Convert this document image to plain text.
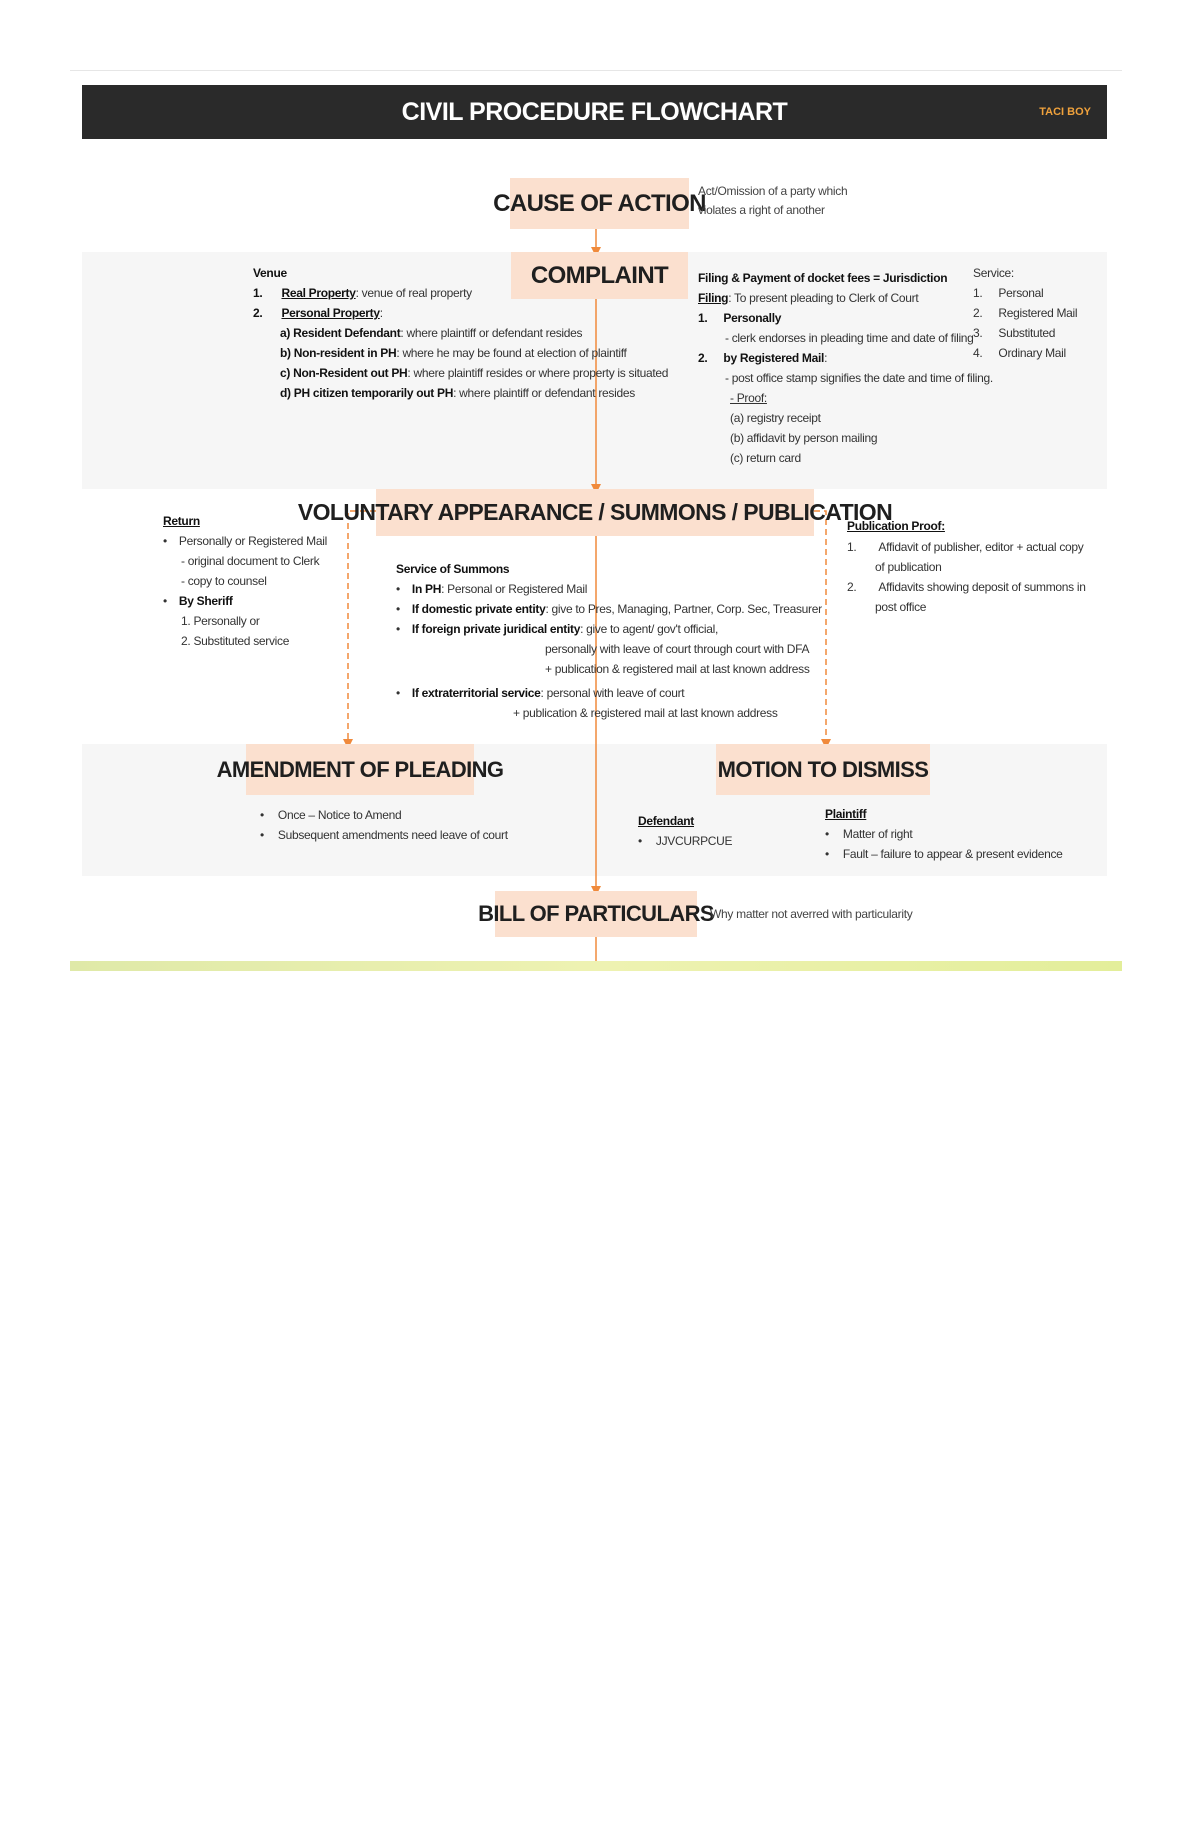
CIVIL PROCEDURE FLOWCHART	TACI BOY
CAUSE OF ACTION
Act/Omission of a party which
violates a right of another
COMPLAINT
Venue
1. Real Property: venue of real property
2. Personal Property:
a) Resident Defendant: where plaintiff or defendant resides
b) Non-resident in PH: where he may be found at election of plaintiff
c) Non-Resident out PH: where plaintiff resides or where property is situated
d) PH citizen temporarily out PH: where plaintiff or defendant resides
Filing & Payment of docket fees = Jurisdiction
Filing: To present pleading to Clerk of Court
1. Personally
- clerk endorses in pleading time and date of filing
2. by Registered Mail:
- post office stamp signifies the date and time of filing.
- Proof:
(a) registry receipt
(b) affidavit by person mailing
(c) return card
Service:
1. Personal
2. Registered Mail
3. Substituted
4. Ordinary Mail
VOLUNTARY APPEARANCE / SUMMONS / PUBLICATION
Return
• Personally or Registered Mail
- original document to Clerk
- copy to counsel
• By Sheriff
1. Personally or
2. Substituted service
Service of Summons
• In PH: Personal or Registered Mail
• If domestic private entity: give to Pres, Managing, Partner, Corp. Sec, Treasurer
• If foreign private juridical entity: give to agent/ gov't official,
personally with leave of court through court with DFA
+ publication & registered mail at last known address
• If extraterritorial service: personal with leave of court
+ publication & registered mail at last known address
Publication Proof:
1. Affidavit of publisher, editor + actual copy
of publication
2. Affidavits showing deposit of summons in
post office
AMENDMENT OF PLEADING
• Once – Notice to Amend
• Subsequent amendments need leave of court
MOTION TO DISMISS
Defendant
• JJVCURPCUE
Plaintiff
• Matter of right
• Fault – failure to appear & present evidence
BILL OF PARTICULARS
Why matter not averred with particularity
